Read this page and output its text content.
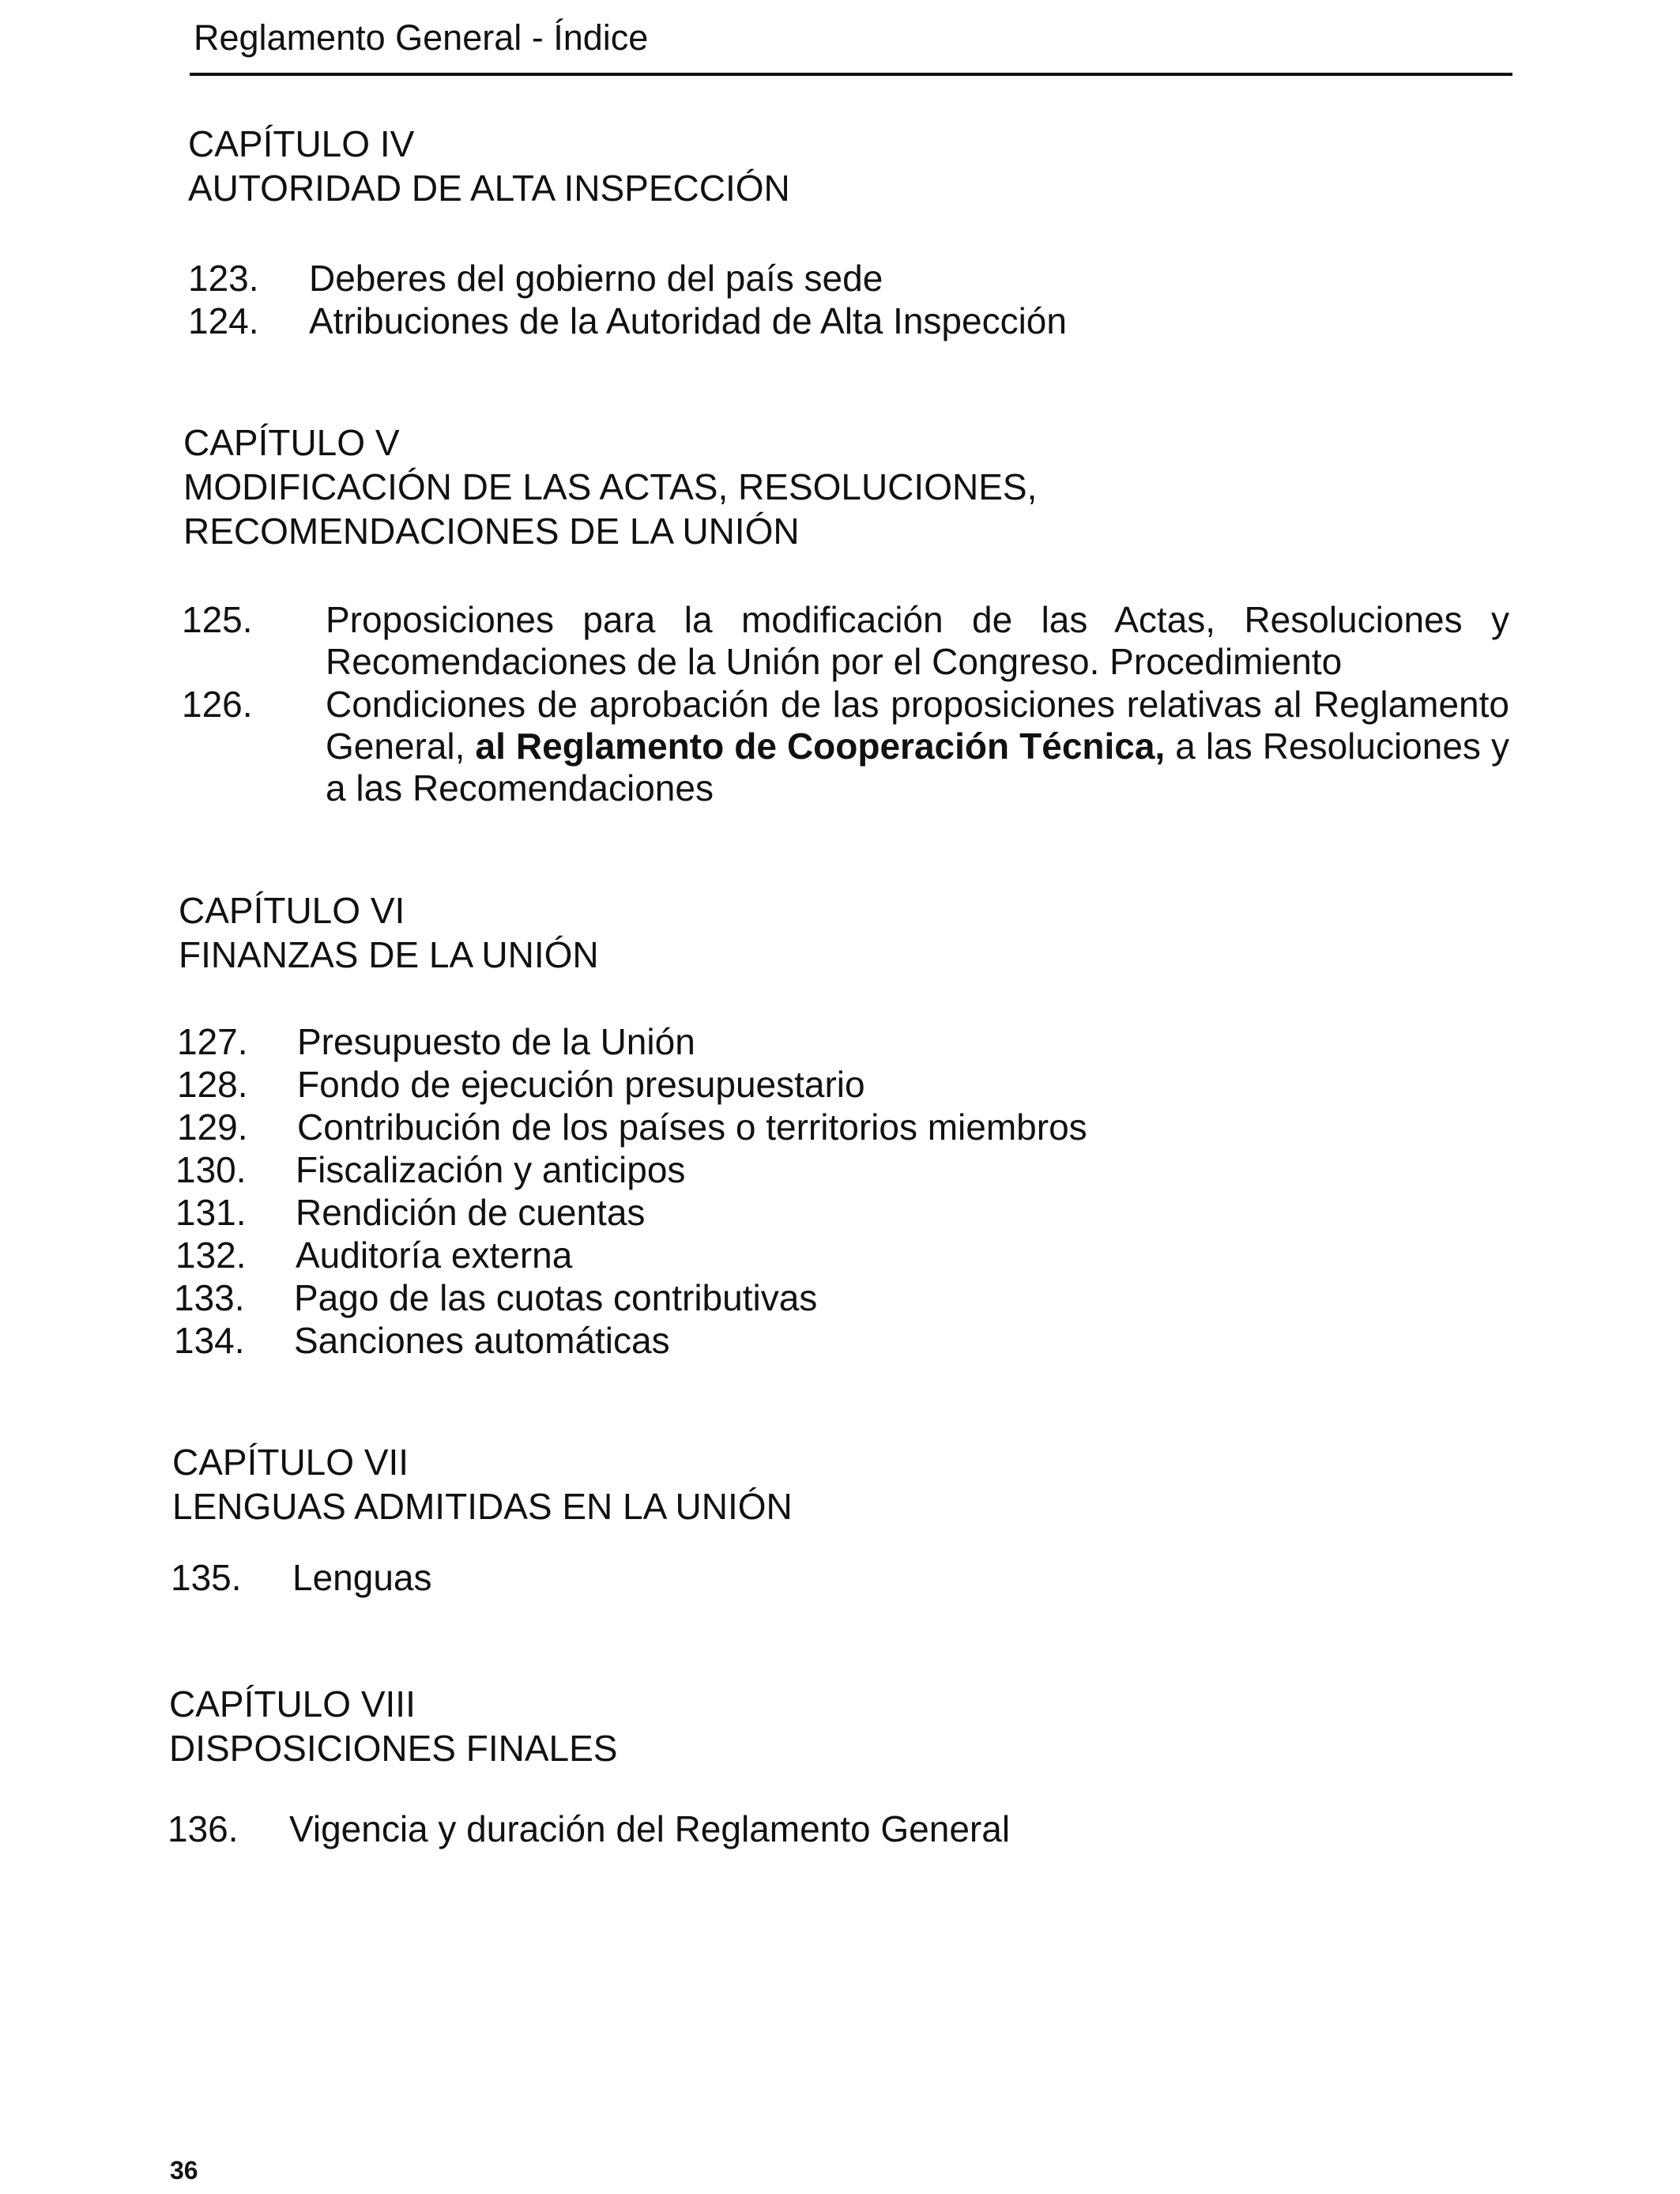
Reglamento General - Índice
CAPÍTULO IV
AUTORIDAD DE ALTA INSPECCIÓN
123. Deberes del gobierno del país sede
124. Atribuciones de la Autoridad de Alta Inspección
CAPÍTULO V
MODIFICACIÓN DE LAS ACTAS, RESOLUCIONES,
RECOMENDACIONES DE LA UNIÓN
125. Proposiciones para la modificación de las Actas, Resoluciones y Recomendaciones de la Unión por el Congreso. Procedimiento
126. Condiciones de aprobación de las proposiciones relativas al Reglamento General, al Reglamento de Cooperación Técnica, a las Resoluciones y a las Recomendaciones
CAPÍTULO VI
FINANZAS DE LA UNIÓN
127. Presupuesto de la Unión
128. Fondo de ejecución presupuestario
129. Contribución de los países o territorios miembros
130. Fiscalización y anticipos
131. Rendición de cuentas
132. Auditoría externa
133. Pago de las cuotas contributivas
134. Sanciones automáticas
CAPÍTULO VII
LENGUAS ADMITIDAS EN LA UNIÓN
135. Lenguas
CAPÍTULO VIII
DISPOSICIONES FINALES
136. Vigencia y duración del Reglamento General
36
